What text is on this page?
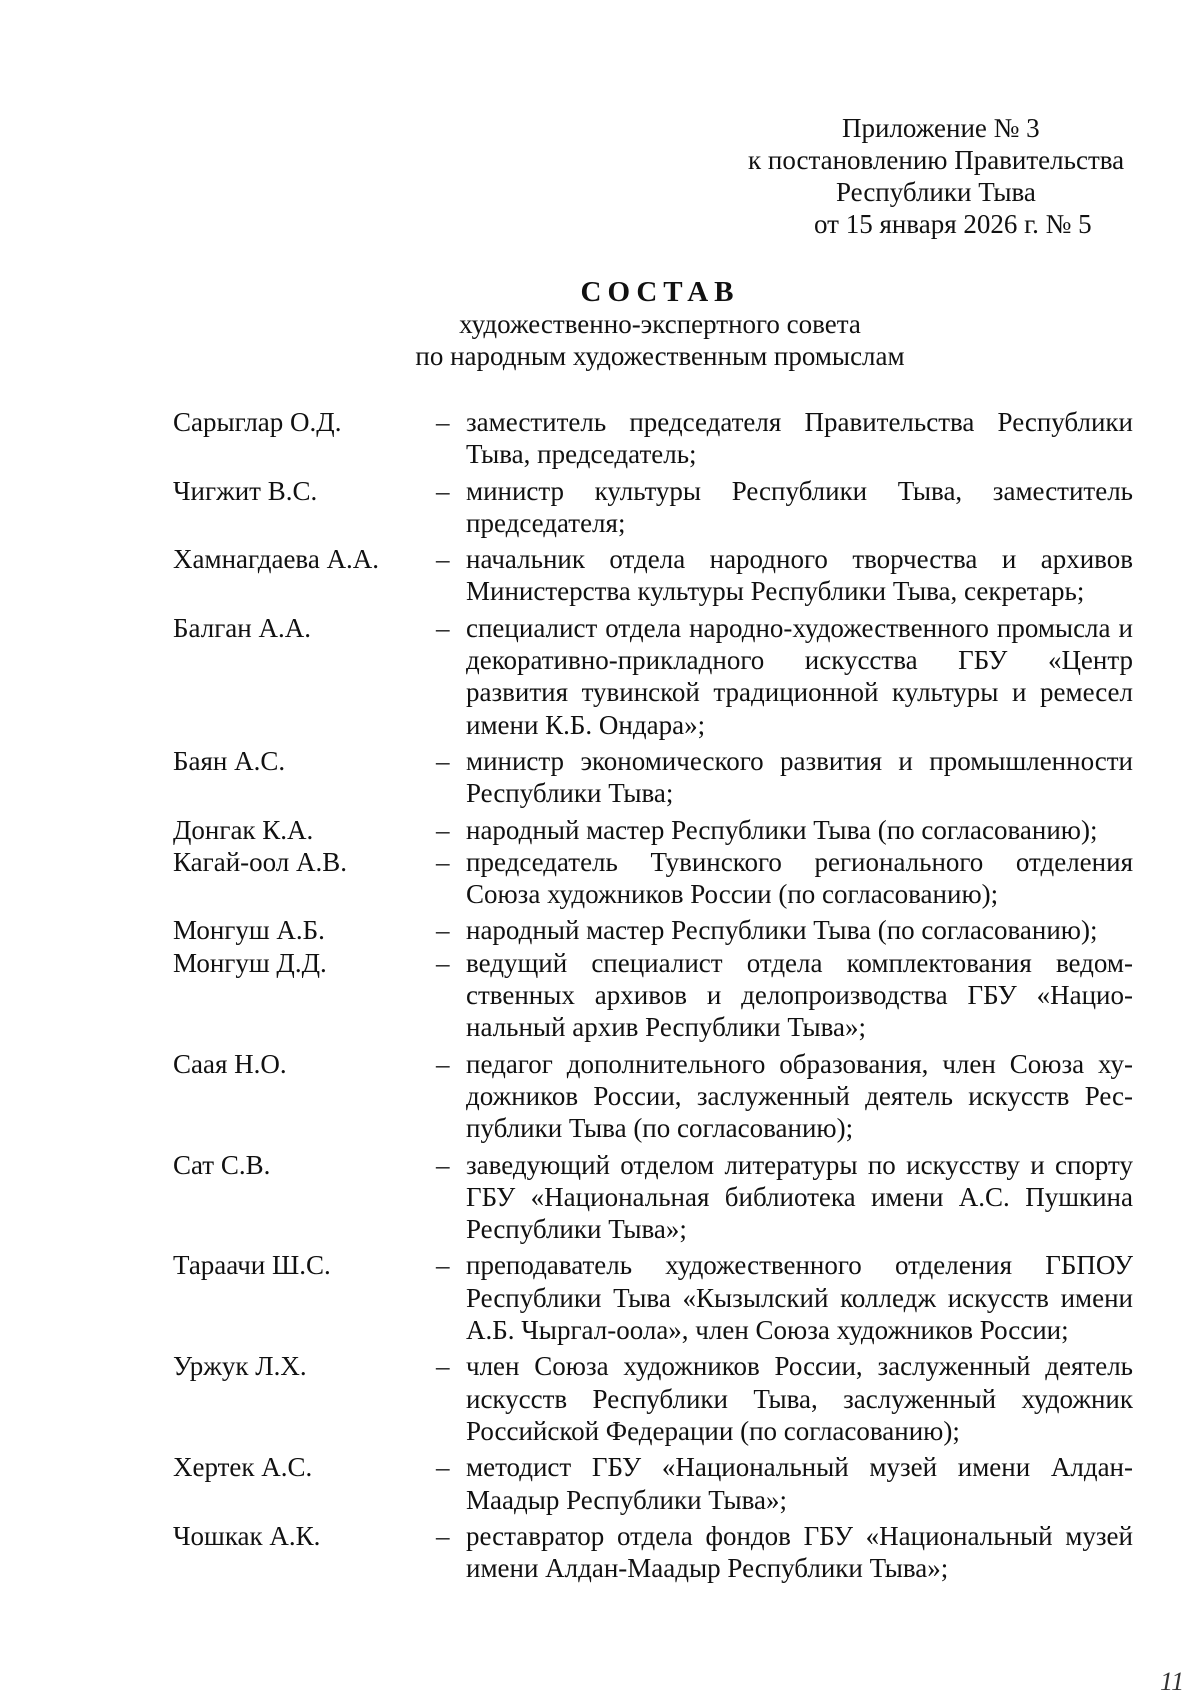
Приложение № 3
к постановлению Правительства
Республики Тыва
от 15 января 2026 г. № 5
СОСТАВ
художественно-экспертного совета
по народным художественным промыслам
Сарыглар О.Д.	– заместитель председателя Правительства Республики Тыва, председатель;
Чигжит В.С.	– министр культуры Республики Тыва, заместитель председателя;
Хамнагдаева А.А.	– начальник отдела народного творчества и архивов Министерства культуры Республики Тыва, секретарь;
Балган А.А.	– специалист отдела народно-художественного промысла и декоративно-прикладного искусства ГБУ «Центр развития тувинской традиционной культуры и ремесел имени К.Б. Ондара»;
Баян А.С.	– министр экономического развития и промышленности Республики Тыва;
Донгак К.А.	– народный мастер Республики Тыва (по согласованию);
Кагай-оол А.В.	– председатель Тувинского регионального отделения Союза художников России (по согласованию);
Монгуш А.Б.	– народный мастер Республики Тыва (по согласованию);
Монгуш Д.Д.	– ведущий специалист отдела комплектования ведомственных архивов и делопроизводства ГБУ «Национальный архив Республики Тыва»;
Саая Н.О.	– педагог дополнительного образования, член Союза художников России, заслуженный деятель искусств Республики Тыва (по согласованию);
Сат С.В.	– заведующий отделом литературы по искусству и спорту ГБУ «Национальная библиотека имени А.С. Пушкина Республики Тыва»;
Тараачи Ш.С.	– преподаватель художественного отделения ГБПОУ Республики Тыва «Кызылский колледж искусств имени А.Б. Чыргал-оола», член Союза художников России;
Уржук Л.Х.	– член Союза художников России, заслуженный деятель искусств Республики Тыва, заслуженный художник Российской Федерации (по согласованию);
Хертек А.С.	– методист ГБУ «Национальный музей имени Алдан-Маадыр Республики Тыва»;
Чошкак А.К.	– реставратор отдела фондов ГБУ «Национальный музей имени Алдан-Маадыр Республики Тыва»;
11
